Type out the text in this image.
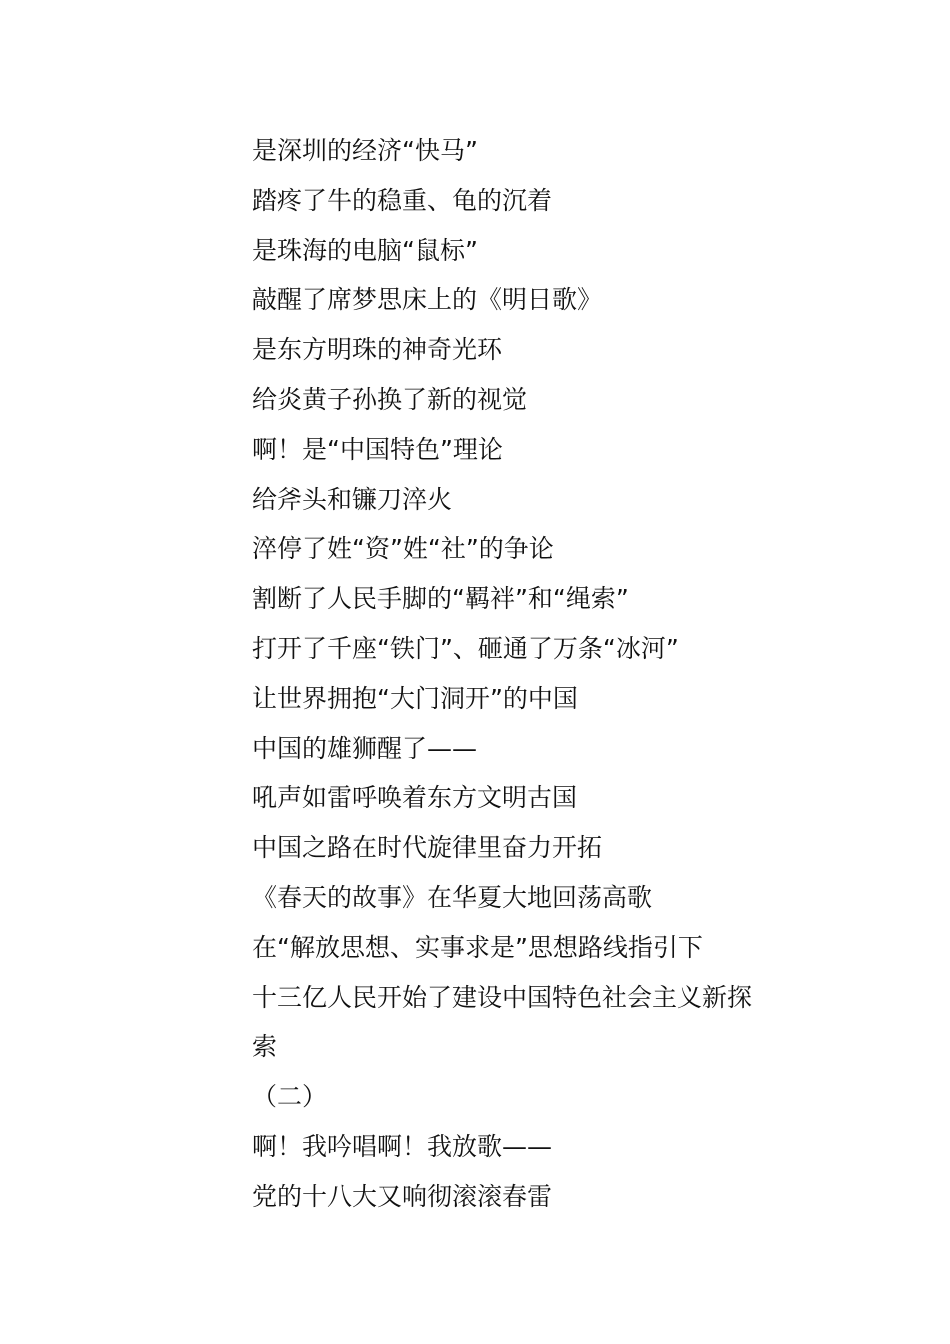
是深圳的经济“快马”
踏疼了牛的稳重、龟的沉着
是珠海的电脑“鼠标”
敲醒了席梦思床上的《明日歌》
是东方明珠的神奇光环
给炎黄子孙换了新的视觉
啊！是“中国特色”理论
给斧头和镰刀淬火
淬停了姓“资”姓“社”的争论
割断了人民手脚的“羁袢”和“绳索”
打开了千座“铁门”、砸通了万条“冰河”
让世界拥抱“大门洞开”的中国
中国的雄狮醒了——
吼声如雷呼唤着东方文明古国
中国之路在时代旋律里奋力开拓
《春天的故事》在华夏大地回荡高歌
在“解放思想、实事求是”思想路线指引下
十三亿人民开始了建设中国特色社会主义新探
索
（二）
啊！我吟唱啊！我放歌——
党的十八大又响彻滚滚春雷
